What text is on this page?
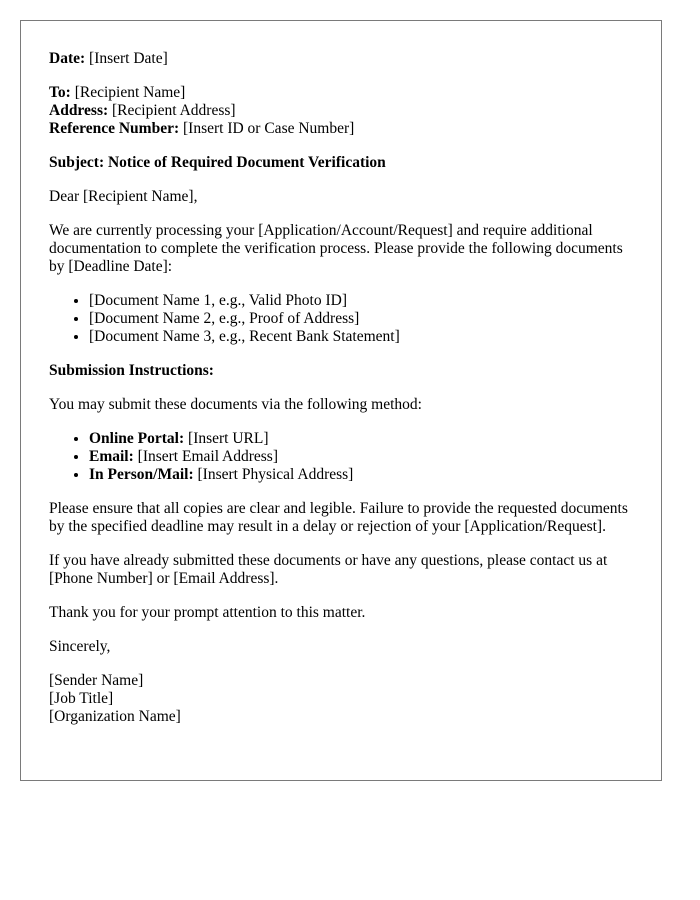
Date: [Insert Date]

To: [Recipient Name]
Address: [Recipient Address]
Reference Number: [Insert ID or Case Number]

Subject: Notice of Required Document Verification

Dear [Recipient Name],

We are currently processing your [Application/Account/Request] and require additional documentation to complete the verification process. Please provide the following documents by [Deadline Date]:

• [Document Name 1, e.g., Valid Photo ID]
• [Document Name 2, e.g., Proof of Address]
• [Document Name 3, e.g., Recent Bank Statement]

Submission Instructions:

You may submit these documents via the following method:

• Online Portal: [Insert URL]
• Email: [Insert Email Address]
• In Person/Mail: [Insert Physical Address]

Please ensure that all copies are clear and legible. Failure to provide the requested documents by the specified deadline may result in a delay or rejection of your [Application/Request].

If you have already submitted these documents or have any questions, please contact us at [Phone Number] or [Email Address].

Thank you for your prompt attention to this matter.

Sincerely,

[Sender Name]
[Job Title]
[Organization Name]
